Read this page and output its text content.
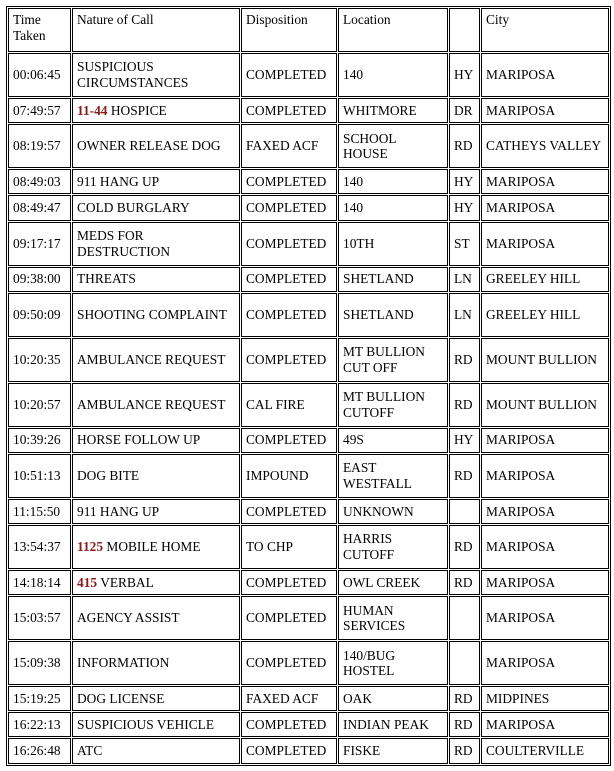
Time Taken	Nature of Call	Disposition	Location		City
00:06:45	SUSPICIOUS CIRCUMSTANCES	COMPLETED	140	HY	MARIPOSA
07:49:57	11-44 HOSPICE	COMPLETED	WHITMORE	DR	MARIPOSA
08:19:57	OWNER RELEASE DOG	FAXED ACF	SCHOOL HOUSE	RD	CATHEYS VALLEY
08:49:03	911 HANG UP	COMPLETED	140	HY	MARIPOSA
08:49:47	COLD BURGLARY	COMPLETED	140	HY	MARIPOSA
09:17:17	MEDS FOR DESTRUCTION	COMPLETED	10TH	ST	MARIPOSA
09:38:00	THREATS	COMPLETED	SHETLAND	LN	GREELEY HILL
09:50:09	SHOOTING COMPLAINT	COMPLETED	SHETLAND	LN	GREELEY HILL
10:20:35	AMBULANCE REQUEST	COMPLETED	MT BULLION CUT OFF	RD	MOUNT BULLION
10:20:57	AMBULANCE REQUEST	CAL FIRE	MT BULLION CUTOFF	RD	MOUNT BULLION
10:39:26	HORSE FOLLOW UP	COMPLETED	49S	HY	MARIPOSA
10:51:13	DOG BITE	IMPOUND	EAST WESTFALL	RD	MARIPOSA
11:15:50	911 HANG UP	COMPLETED	UNKNOWN		MARIPOSA
13:54:37	1125 MOBILE HOME	TO CHP	HARRIS CUTOFF	RD	MARIPOSA
14:18:14	415 VERBAL	COMPLETED	OWL CREEK	RD	MARIPOSA
15:03:57	AGENCY ASSIST	COMPLETED	HUMAN SERVICES		MARIPOSA
15:09:38	INFORMATION	COMPLETED	140/BUG HOSTEL		MARIPOSA
15:19:25	DOG LICENSE	FAXED ACF	OAK	RD	MIDPINES
16:22:13	SUSPICIOUS VEHICLE	COMPLETED	INDIAN PEAK	RD	MARIPOSA
16:26:48	ATC	COMPLETED	FISKE	RD	COULTERVILLE
